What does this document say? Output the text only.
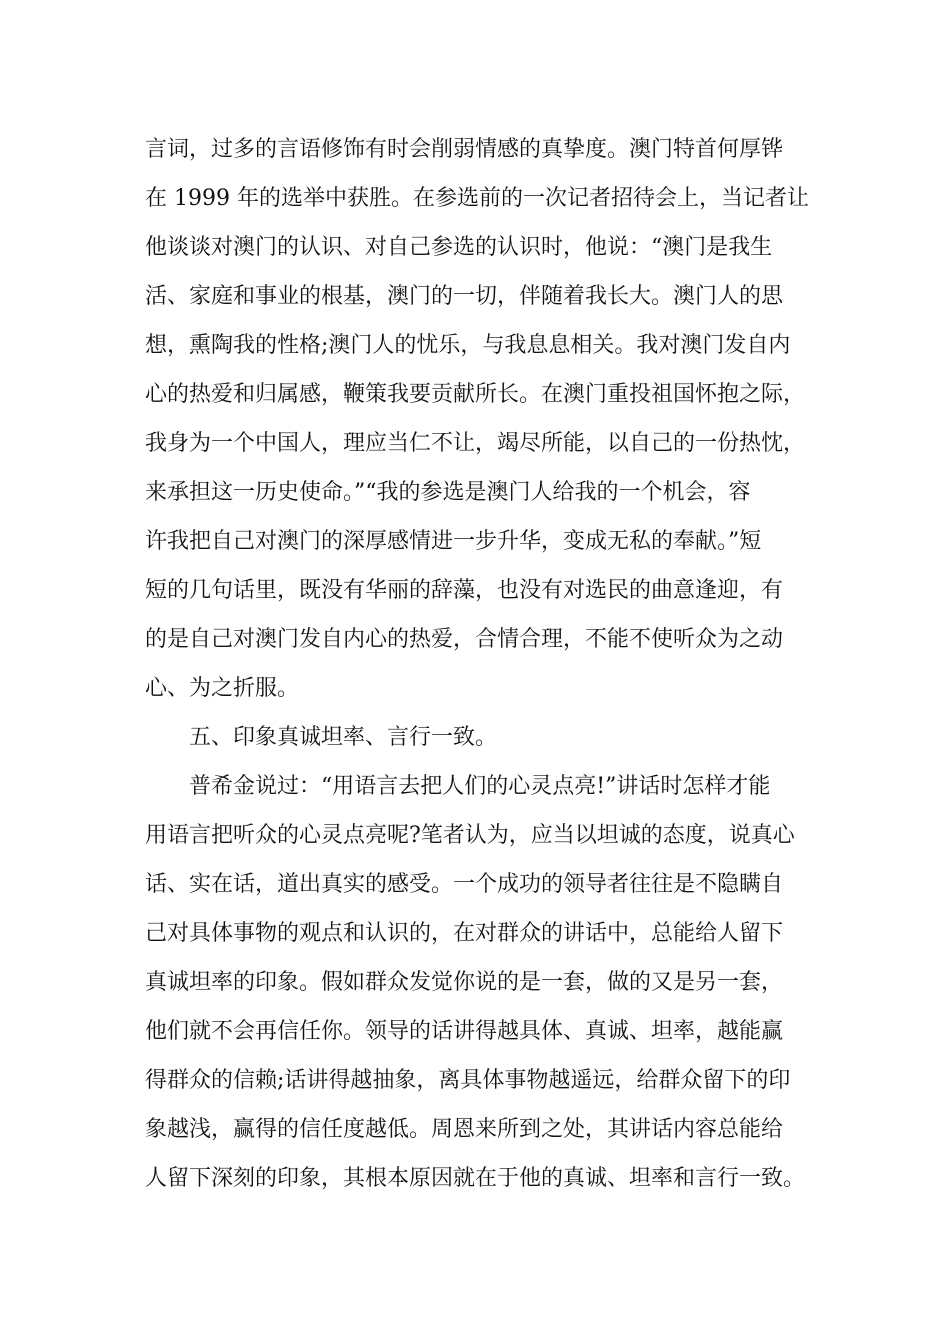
言词，过多的言语修饰有时会削弱情感的真挚度。澳门特首何厚铧
在 1999 年的选举中获胜。在参选前的一次记者招待会上，当记者让
他谈谈对澳门的认识、对自己参选的认识时，他说：“澳门是我生
活、家庭和事业的根基，澳门的一切，伴随着我长大。澳门人的思
想，熏陶我的性格;澳门人的忧乐，与我息息相关。我对澳门发自内
心的热爱和归属感，鞭策我要贡献所长。在澳门重投祖国怀抱之际，
我身为一个中国人，理应当仁不让，竭尽所能，以自己的一份热忱，
来承担这一历史使命。”“我的参选是澳门人给我的一个机会，容
许我把自己对澳门的深厚感情进一步升华，变成无私的奉献。”短
短的几句话里，既没有华丽的辞藻，也没有对选民的曲意逢迎，有
的是自己对澳门发自内心的热爱，合情合理，不能不使听众为之动
心、为之折服。
五、印象真诚坦率、言行一致。
普希金说过：“用语言去把人们的心灵点亮!”讲话时怎样才能
用语言把听众的心灵点亮呢?笔者认为，应当以坦诚的态度，说真心
话、实在话，道出真实的感受。一个成功的领导者往往是不隐瞒自
己对具体事物的观点和认识的，在对群众的讲话中，总能给人留下
真诚坦率的印象。假如群众发觉你说的是一套，做的又是另一套，
他们就不会再信任你。领导的话讲得越具体、真诚、坦率，越能赢
得群众的信赖;话讲得越抽象，离具体事物越遥远，给群众留下的印
象越浅，赢得的信任度越低。周恩来所到之处，其讲话内容总能给
人留下深刻的印象，其根本原因就在于他的真诚、坦率和言行一致。
